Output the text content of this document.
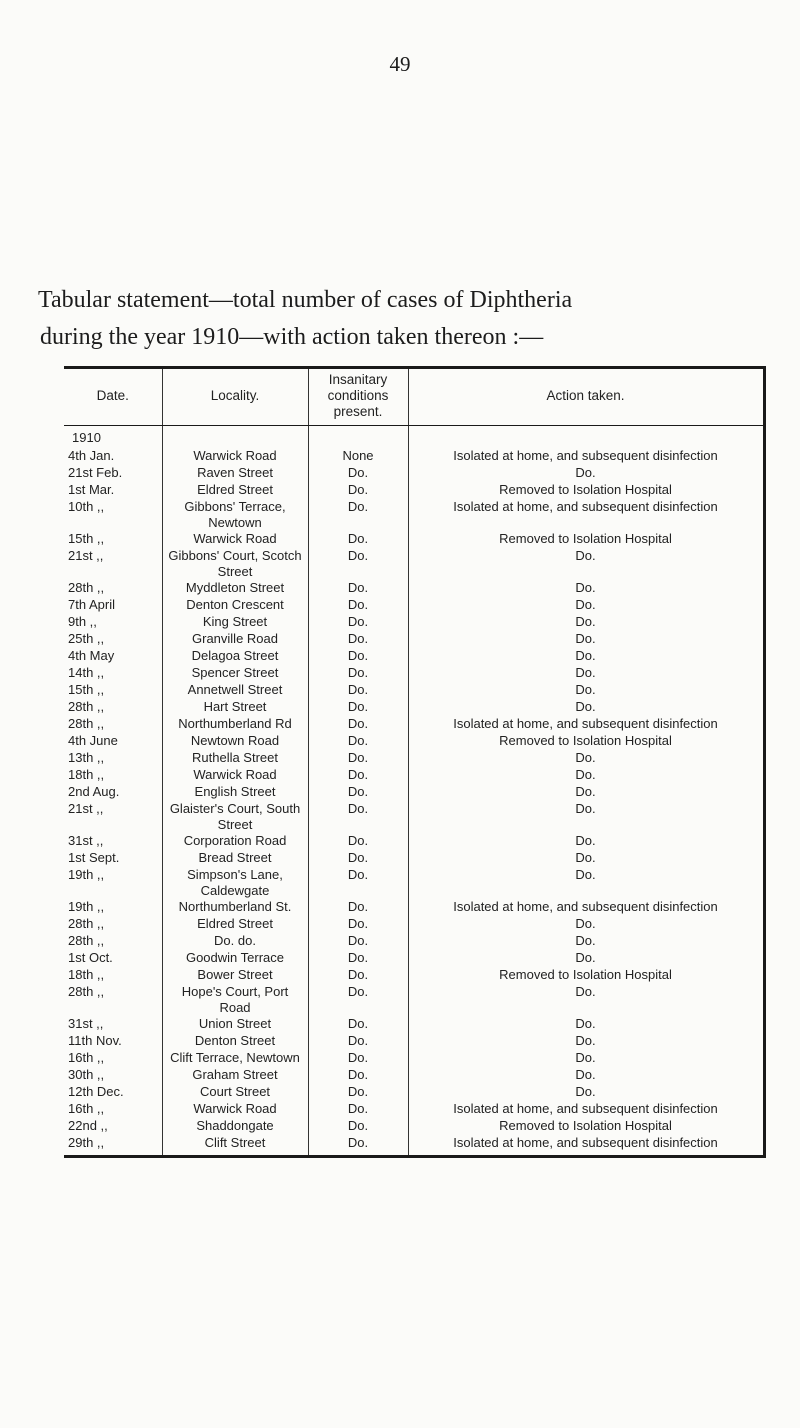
49
Tabular statement—total number of cases of Diphtheria
during the year 1910—with action taken thereon :—
Date.	Locality.	Insanitary conditions present.	Action taken.
1910			
4th Jan.	Warwick Road	None	Isolated at home, and subsequent disinfection
21st Feb.	Raven Street	Do.	Do.
1st Mar.	Eldred Street	Do.	Removed to Isolation Hospital
10th ,,	Gibbons' Terrace, Newtown	Do.	Isolated at home, and subsequent disinfection
15th ,,	Warwick Road	Do.	Removed to Isolation Hospital
21st ,,	Gibbons' Court, Scotch Street	Do.	Do.
28th ,,	Myddleton Street	Do.	Do.
7th April	Denton Crescent	Do.	Do.
9th ,,	King Street	Do.	Do.
25th ,,	Granville Road	Do.	Do.
4th May	Delagoa Street	Do.	Do.
14th ,,	Spencer Street	Do.	Do.
15th ,,	Annetwell Street	Do.	Do.
28th ,,	Hart Street	Do.	Do.
28th ,,	Northumberland Rd	Do.	Isolated at home, and subsequent disinfection
4th June	Newtown Road	Do.	Removed to Isolation Hospital
13th ,,	Ruthella Street	Do.	Do.
18th ,,	Warwick Road	Do.	Do.
2nd Aug.	English Street	Do.	Do.
21st ,,	Glaister's Court, South Street	Do.	Do.
31st ,,	Corporation Road	Do.	Do.
1st Sept.	Bread Street	Do.	Do.
19th ,,	Simpson's Lane, Caldewgate	Do.	Do.
19th ,,	Northumberland St.	Do.	Isolated at home, and subsequent disinfection
28th ,,	Eldred Street	Do.	Do.
28th ,,	Do. do.	Do.	Do.
1st Oct.	Goodwin Terrace	Do.	Do.
18th ,,	Bower Street	Do.	Removed to Isolation Hospital
28th ,,	Hope's Court, Port Road	Do.	Do.
31st ,,	Union Street	Do.	Do.
11th Nov.	Denton Street	Do.	Do.
16th ,,	Clift Terrace, Newtown	Do.	Do.
30th ,,	Graham Street	Do.	Do.
12th Dec.	Court Street	Do.	Do.
16th ,,	Warwick Road	Do.	Isolated at home, and subsequent disinfection
22nd ,,	Shaddongate	Do.	Removed to Isolation Hospital
29th ,,	Clift Street	Do.	Isolated at home, and subsequent disinfection
